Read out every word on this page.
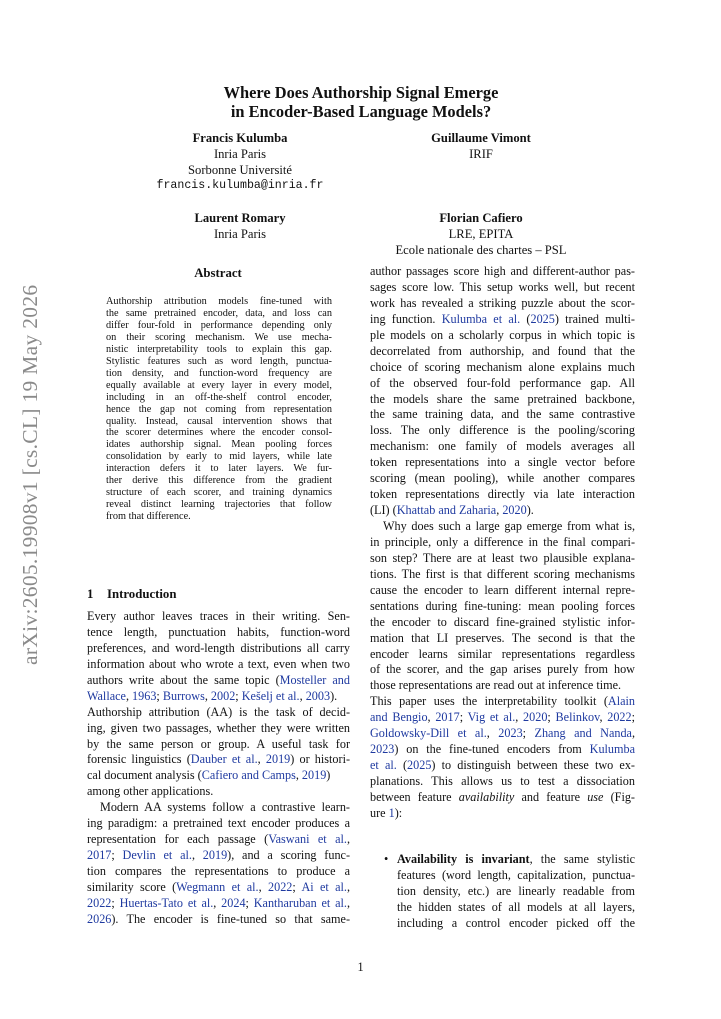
arXiv:2605.19908v1 [cs.CL] 19 May 2026
Where Does Authorship Signal Emerge
in Encoder-Based Language Models?
Francis Kulumba
Inria Paris
Sorbonne Université
francis.kulumba@inria.fr
Guillaume Vimont
IRIF
Laurent Romary
Inria Paris
Florian Cafiero
LRE, EPITA
Ecole nationale des chartes – PSL
Abstract
Authorship attribution models fine-tuned with
the same pretrained encoder, data, and loss can
differ four-fold in performance depending only
on their scoring mechanism. We use mecha-
nistic interpretability tools to explain this gap.
Stylistic features such as word length, punctua-
tion density, and function-word frequency are
equally available at every layer in every model,
including in an off-the-shelf control encoder,
hence the gap not coming from representation
quality. Instead, causal intervention shows that
the scorer determines where the encoder consol-
idates authorship signal. Mean pooling forces
consolidation by early to mid layers, while late
interaction defers it to later layers. We fur-
ther derive this difference from the gradient
structure of each scorer, and training dynamics
reveal distinct learning trajectories that follow
from that difference.
1 Introduction
Every author leaves traces in their writing. Sen-
tence length, punctuation habits, function-word
preferences, and word-length distributions all carry
information about who wrote a text, even when two
authors write about the same topic (Mosteller and
Wallace, 1963; Burrows, 2002; Kešelj et al., 2003).
Authorship attribution (AA) is the task of decid-
ing, given two passages, whether they were written
by the same person or group. A useful task for
forensic linguistics (Dauber et al., 2019) or histori-
cal document analysis (Cafiero and Camps, 2019)
among other applications.
Modern AA systems follow a contrastive learn-
ing paradigm: a pretrained text encoder produces a
representation for each passage (Vaswani et al.,
2017; Devlin et al., 2019), and a scoring func-
tion compares the representations to produce a
similarity score (Wegmann et al., 2022; Ai et al.,
2022; Huertas-Tato et al., 2024; Kantharuban et al.,
2026). The encoder is fine-tuned so that same-
author passages score high and different-author pas-
sages score low. This setup works well, but recent
work has revealed a striking puzzle about the scor-
ing function. Kulumba et al. (2025) trained multi-
ple models on a scholarly corpus in which topic is
decorrelated from authorship, and found that the
choice of scoring mechanism alone explains much
of the observed four-fold performance gap. All
the models share the same pretrained backbone,
the same training data, and the same contrastive
loss. The only difference is the pooling/scoring
mechanism: one family of models averages all
token representations into a single vector before
scoring (mean pooling), while another compares
token representations directly via late interaction
(LI) (Khattab and Zaharia, 2020).
Why does such a large gap emerge from what is,
in principle, only a difference in the final compari-
son step? There are at least two plausible explana-
tions. The first is that different scoring mechanisms
cause the encoder to learn different internal repre-
sentations during fine-tuning: mean pooling forces
the encoder to discard fine-grained stylistic infor-
mation that LI preserves. The second is that the
encoder learns similar representations regardless
of the scorer, and the gap arises purely from how
those representations are read out at inference time.
This paper uses the interpretability toolkit (Alain
and Bengio, 2017; Vig et al., 2020; Belinkov, 2022;
Goldowsky-Dill et al., 2023; Zhang and Nanda,
2023) on the fine-tuned encoders from Kulumba
et al. (2025) to distinguish between these two ex-
planations. This allows us to test a dissociation
between feature availability and feature use (Fig-
ure 1):
• Availability is invariant, the same stylistic
features (word length, capitalization, punctua-
tion density, etc.) are linearly readable from
the hidden states of all models at all layers,
including a control encoder picked off the
1
